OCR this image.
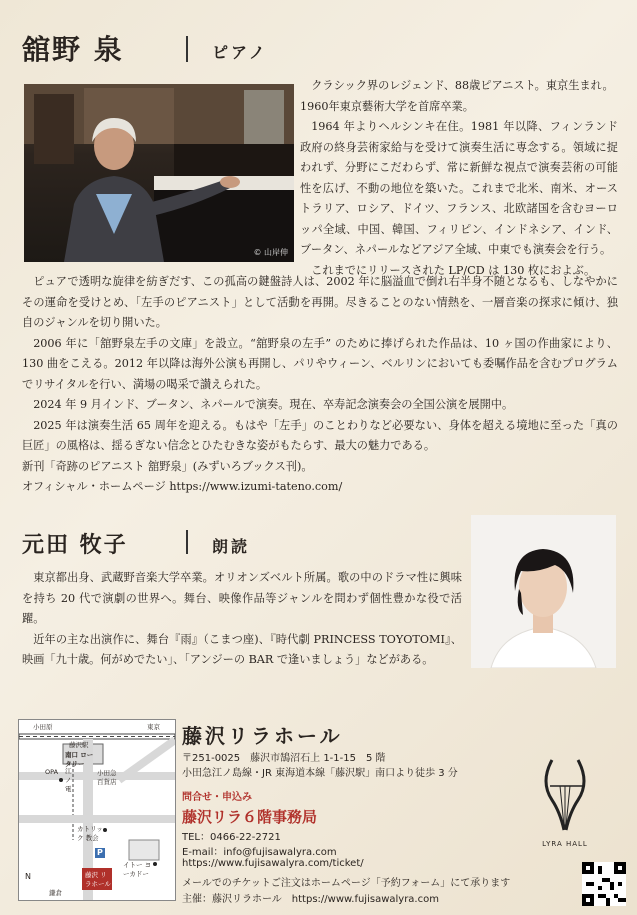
舘野 泉	ピアノ
© 山岸伸

クラシック界のレジェンド、88歳ピアニスト。東京生まれ。

1960年東京藝術大学を首席卒業。

1964 年よりヘルシンキ在住。1981 年以降、フィンランド政府の終身芸術家給与を受けて演奏生活に専念する。領域に捉われず、分野にこだわらず、常に新鮮な視点で演奏芸術の可能性を広げ、不動の地位を築いた。これまで北米、南米、オーストラリア、ロシア、ドイツ、フランス、北欧諸国を含むヨーロッパ全域、中国、韓国、フィリピン、インドネシア、インド、ブータン、ネパールなどアジア全域、中東でも演奏会を行う。

これまでにリリースされた LP/CD は 130 枚におよぶ。

ピュアで透明な旋律を紡ぎだす、この孤高の鍵盤詩人は、2002 年に脳溢血で倒れ右半身不随となるも、しなやかにその運命を受けとめ、「左手のピアニスト」として活動を再開。尽きることのない情熱を、一層音楽の探求に傾け、独自のジャンルを切り開いた。

2006 年に「舘野泉左手の文庫」を設立。“舘野泉の左手” のために捧げられた作品は、10 ヶ国の作曲家により、130 曲をこえる。2012 年以降は海外公演も再開し、パリやウィーン、ベルリンにおいても委嘱作品を含むプログラムでリサイタルを行い、満場の喝采で讃えられた。

2024 年 9 月インド、ブータン、ネパールで演奏。現在、卒寿記念演奏会の全国公演を展開中。

2025 年は演奏生活 65 周年を迎える。もはや「左手」のことわりなど必要ない、身体を超える境地に至った「真の巨匠」の風格は、揺るぎない信念とひたむきな姿がもたらす、最大の魅力である。

新刊「奇跡のピアニスト 舘野泉」(みずいろブックス刊)。

オフィシャル・ホームページ https://www.izumi-tateno.com/

元田 牧子	朗読

東京都出身、武蔵野音楽大学卒業。オリオンズベルト所属。歌の中のドラマ性に興味を持ち 20 代で演劇の世界へ。舞台、映像作品等ジャンルを問わず個性豊かな役で活躍。

近年の主な出演作に、舞台『雨』（こまつ座)、『時代劇 PRINCESS TOYOTOMI』、映画「九十歳。何がめでたい」、「アンジーの BAR で逢いましょう」などがある。

小田原	東京
藤沢駅
南口 ロータリー
OPA 江ノ電
小田急 百貨店
カトリック 教会
イトー ヨーカドー
鎌倉
藤沢 リラホール
P
N
藤沢リラホール
〒251-0025　藤沢市鵠沼石上 1-1-15　5 階
小田急江ノ島線・JR 東海道本線「藤沢駅」南口より徒歩 3 分
問合せ・申込み
藤沢リラ６階事務局
TEL：0466-22-2721
E-mail：info@fujisawalyra.com
https://www.fujisawalyra.com/ticket/
メールでのチケットご注文はホームページ「予約フォーム」にて承ります
主催：藤沢リラホール　https://www.fujisawalyra.com
LYRA HALL
